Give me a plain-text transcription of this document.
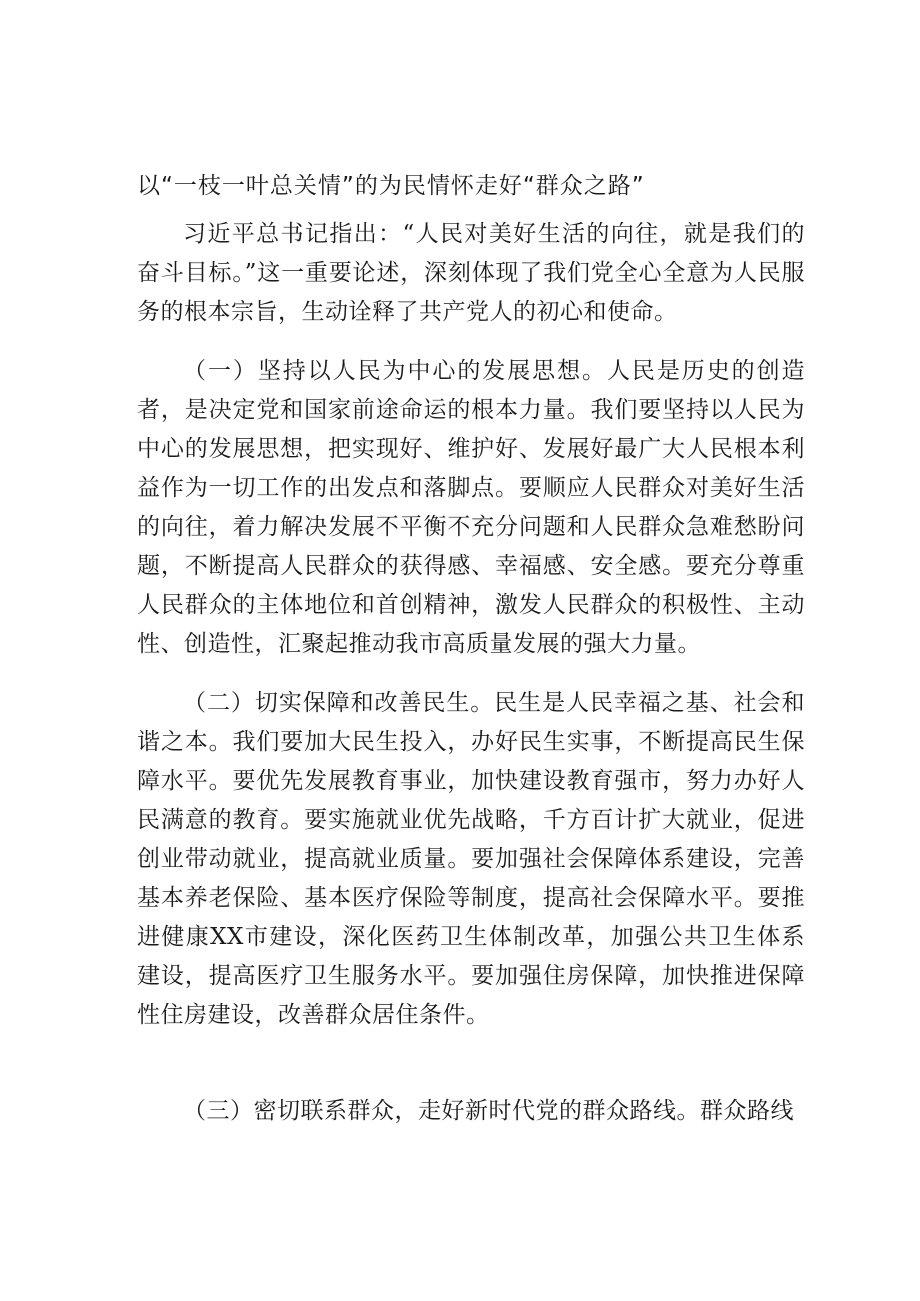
以“一枝一叶总关情”的为民情怀走好“群众之路”
习近平总书记指出：“人民对美好生活的向往，就是我们的奋斗目标。”这一重要论述，深刻体现了我们党全心全意为人民服务的根本宗旨，生动诠释了共产党人的初心和使命。
（一）坚持以人民为中心的发展思想。人民是历史的创造者，是决定党和国家前途命运的根本力量。我们要坚持以人民为中心的发展思想，把实现好、维护好、发展好最广大人民根本利益作为一切工作的出发点和落脚点。要顺应人民群众对美好生活的向往，着力解决发展不平衡不充分问题和人民群众急难愁盼问题，不断提高人民群众的获得感、幸福感、安全感。要充分尊重人民群众的主体地位和首创精神，激发人民群众的积极性、主动性、创造性，汇聚起推动我市高质量发展的强大力量。
（二）切实保障和改善民生。民生是人民幸福之基、社会和谐之本。我们要加大民生投入，办好民生实事，不断提高民生保障水平。要优先发展教育事业，加快建设教育强市，努力办好人民满意的教育。要实施就业优先战略，千方百计扩大就业，促进创业带动就业，提高就业质量。要加强社会保障体系建设，完善基本养老保险、基本医疗保险等制度，提高社会保障水平。要推进健康XX市建设，深化医药卫生体制改革，加强公共卫生体系建设，提高医疗卫生服务水平。要加强住房保障，加快推进保障性住房建设，改善群众居住条件。
（三）密切联系群众，走好新时代党的群众路线。群众路线
